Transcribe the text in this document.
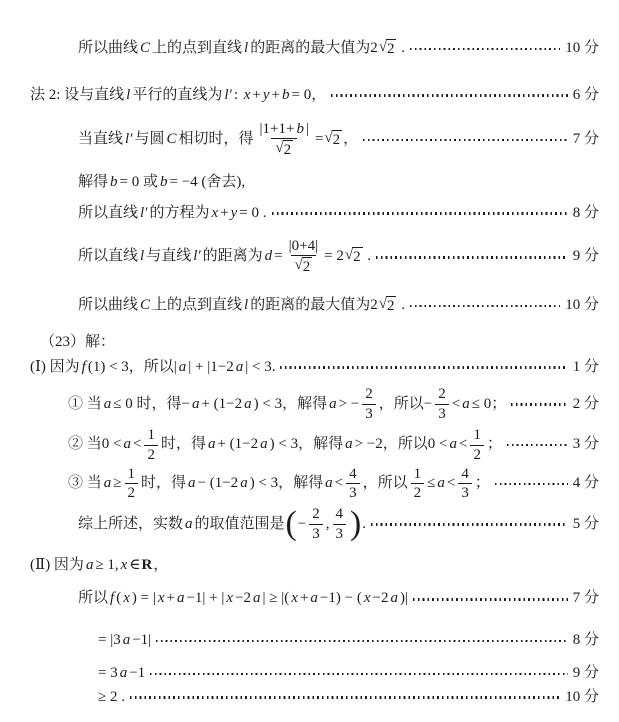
所以曲线 C 上的点到直线 l 的距离的最大值为2 √ 2 .	10 分
法 2: 设与直线 l 平行的直线为 l′ : x + y + b = 0，	6 分
当直线 l′ 与圆 C 相切时，得 $\frac{|1+1+ b |}{√ 2}$ = √ 2 ，	7 分
解得 b = 0 或 b = −4 (舍去),
所以直线 l′ 的方程为 x + y = 0 .	8 分
所以直线 l 与直线 l′ 的距离为 $d = \frac{|0+4|}{√ 2} = 2$ √ 2 .	9 分
所以曲线 C 上的点到直线 l 的距离的最大值为2 √ 2 .	10 分
（23）解：
(Ⅰ) 因为 f (1) < 3，所以| a | + |1−2 a | < 3.	1 分
① 当 a ≤ 0 时，得− a + (1−2 a ) < 3，解得 a > − $\frac{2}{3}$ ，所以− $\frac{2}{3} < a \le 0$；	2 分
② 当$0 < a < \frac{1}{2}$ 时，得 a + (1−2 a ) < 3，解得 a > −2，所以$0 < a < \frac{1}{2}$ ；	3 分
③ 当 $a \ge \frac{1}{2}$ 时，得 a − (1−2 a ) < 3，解得 $a < \frac{4}{3}$ ，所以 $\frac{1}{2} \le a < \frac{4}{3}$ ；	4 分
综上所述，实数 a 的取值范围是 ( − $\frac{2}{3}$ , $\frac{4}{3}$ ) .	5 分
(Ⅱ) 因为 a ≥ 1, x ∈ R ，
所以 f ( x ) = | x + a −1| + | x −2 a | ≥ |( x + a −1) − ( x −2 a )|	7 分
= |3 a −1|	8 分
= 3 a −1	9 分
≥ 2 .	10 分
